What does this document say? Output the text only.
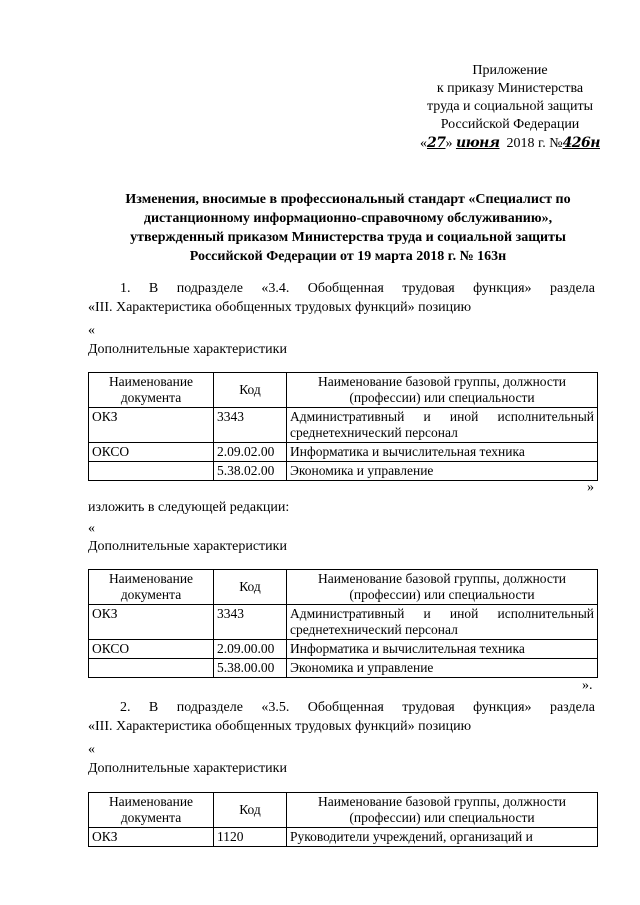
Приложение
к приказу Министерства
труда и социальной защиты
Российской Федерации
«27» июня 2018 г. №426н
Изменения, вносимые в профессиональный стандарт «Специалист по
дистанционному информационно-справочному обслуживанию»,
утвержденный приказом Министерства труда и социальной защиты
Российской Федерации от 19 марта 2018 г. № 163н
1. В подразделе «3.4. Обобщенная трудовая функция» раздела
«III. Характеристика обобщенных трудовых функций» позицию
«
Дополнительные характеристики
Наименование документа	Код	Наименование базовой группы, должности (профессии) или специальности
ОКЗ	3343	Административный и иной исполнительный среднетехнический персонал
ОКСО	2.09.02.00	Информатика и вычислительная техника
	5.38.02.00	Экономика и управление
»
изложить в следующей редакции:
«
Дополнительные характеристики
Наименование документа	Код	Наименование базовой группы, должности (профессии) или специальности
ОКЗ	3343	Административный и иной исполнительный среднетехнический персонал
ОКСО	2.09.00.00	Информатика и вычислительная техника
	5.38.00.00	Экономика и управление
».
2. В подразделе «3.5. Обобщенная трудовая функция» раздела
«III. Характеристика обобщенных трудовых функций» позицию
«
Дополнительные характеристики
Наименование документа	Код	Наименование базовой группы, должности (профессии) или специальности
ОКЗ	1120	Руководители учреждений, организаций и
